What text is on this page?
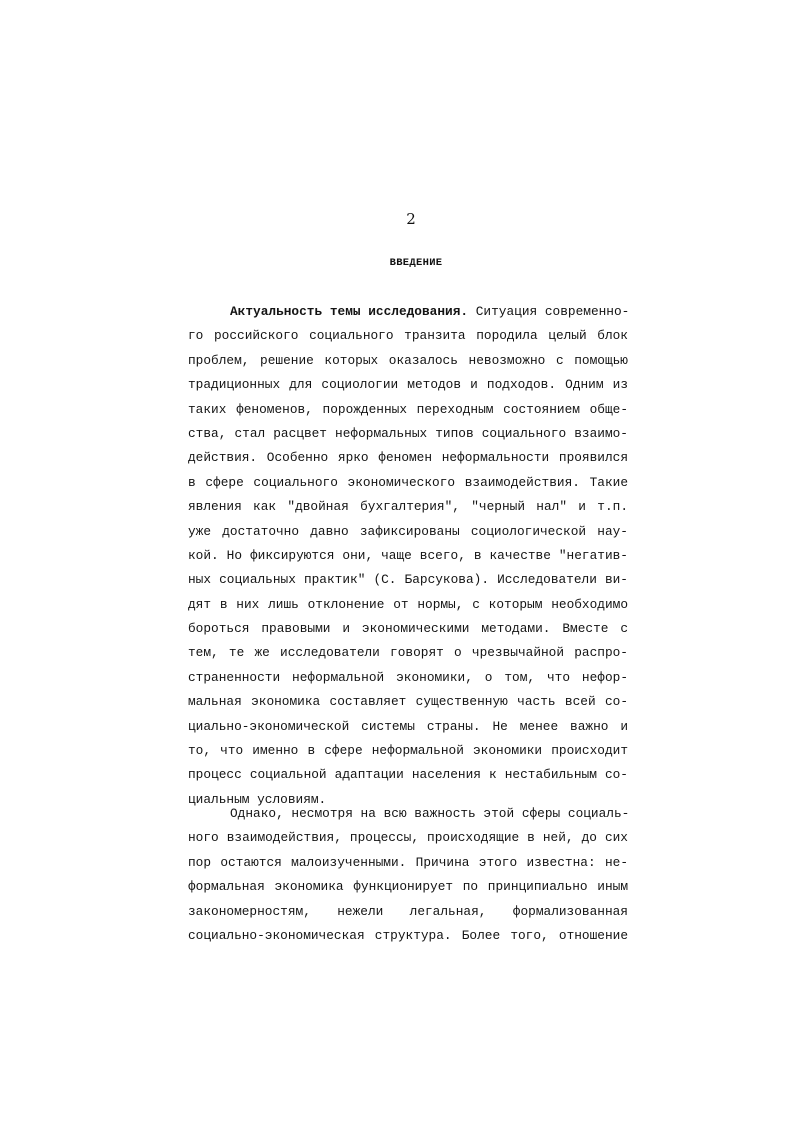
2
ВВЕДЕНИЕ
Актуальность темы исследования. Ситуация современно-
го российского социального транзита породила целый блок
проблем, решение которых оказалось невозможно с помощью
традиционных для социологии методов и подходов. Одним из
таких феноменов, порожденных переходным состоянием обще-
ства, стал расцвет неформальных типов социального взаимо-
действия. Особенно ярко феномен неформальности проявился
в сфере социального экономического взаимодействия. Такие
явления как "двойная бухгалтерия", "черный нал" и т.п.
уже достаточно давно зафиксированы социологической нау-
кой. Но фиксируются они, чаще всего, в качестве "негатив-
ных социальных практик" (С. Барсукова). Исследователи ви-
дят в них лишь отклонение от нормы, с которым необходимо
бороться правовыми и экономическими методами. Вместе с
тем, те же исследователи говорят о чрезвычайной распро-
страненности неформальной экономики, о том, что нефор-
мальная экономика составляет существенную часть всей со-
циально-экономической системы страны. Не менее важно и
то, что именно в сфере неформальной экономики происходит
процесс социальной адаптации населения к нестабильным со-
циальным условиям.
Однако, несмотря на всю важность этой сферы социаль-
ного взаимодействия, процессы, происходящие в ней, до сих
пор остаются малоизученными. Причина этого известна: не-
формальная экономика функционирует по принципиально иным
закономерностям, нежели легальная, формализованная
социально-экономическая структура. Более того, отношение
